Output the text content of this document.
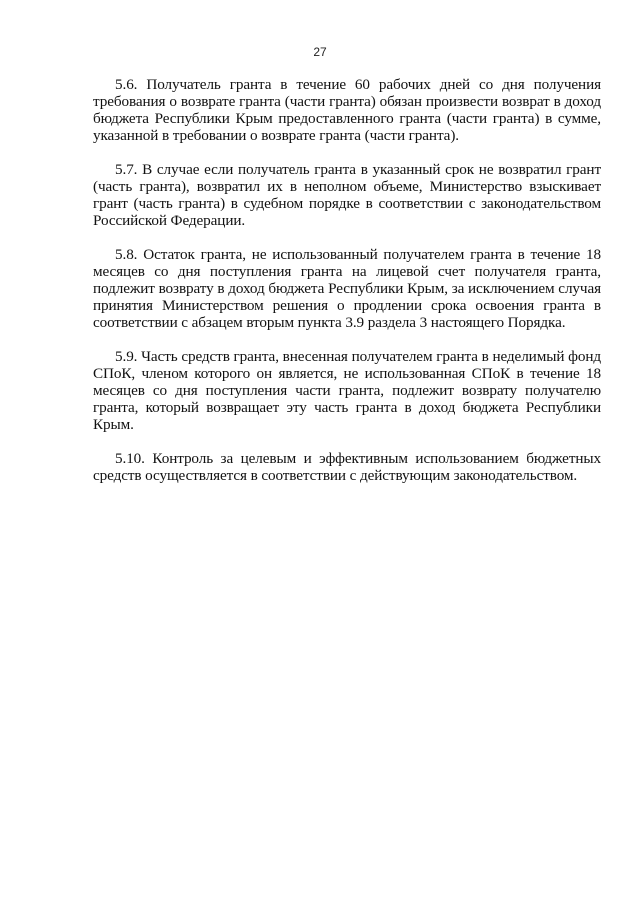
27

5.6. Получатель гранта в течение 60 рабочих дней со дня получения требования о возврате гранта (части гранта) обязан произвести возврат в доход бюджета Республики Крым предоставленного гранта (части гранта) в сумме, указанной в требовании о возврате гранта (части гранта).

5.7. В случае если получатель гранта в указанный срок не возвратил грант (часть гранта), возвратил их в неполном объеме, Министерство взыскивает грант (часть гранта) в судебном порядке в соответствии с законодательством Российской Федерации.

5.8. Остаток гранта, не использованный получателем гранта в течение 18 месяцев со дня поступления гранта на лицевой счет получателя гранта, подлежит возврату в доход бюджета Республики Крым, за исключением случая принятия Министерством решения о продлении срока освоения гранта в соответствии с абзацем вторым пункта 3.9 раздела 3 настоящего Порядка.

5.9. Часть средств гранта, внесенная получателем гранта в неделимый фонд СПоК, членом которого он является, не использованная СПоК в течение 18 месяцев со дня поступления части гранта, подлежит возврату получателю гранта, который возвращает эту часть гранта в доход бюджета Республики Крым.

5.10. Контроль за целевым и эффективным использованием бюджетных средств осуществляется в соответствии с действующим законодательством.
